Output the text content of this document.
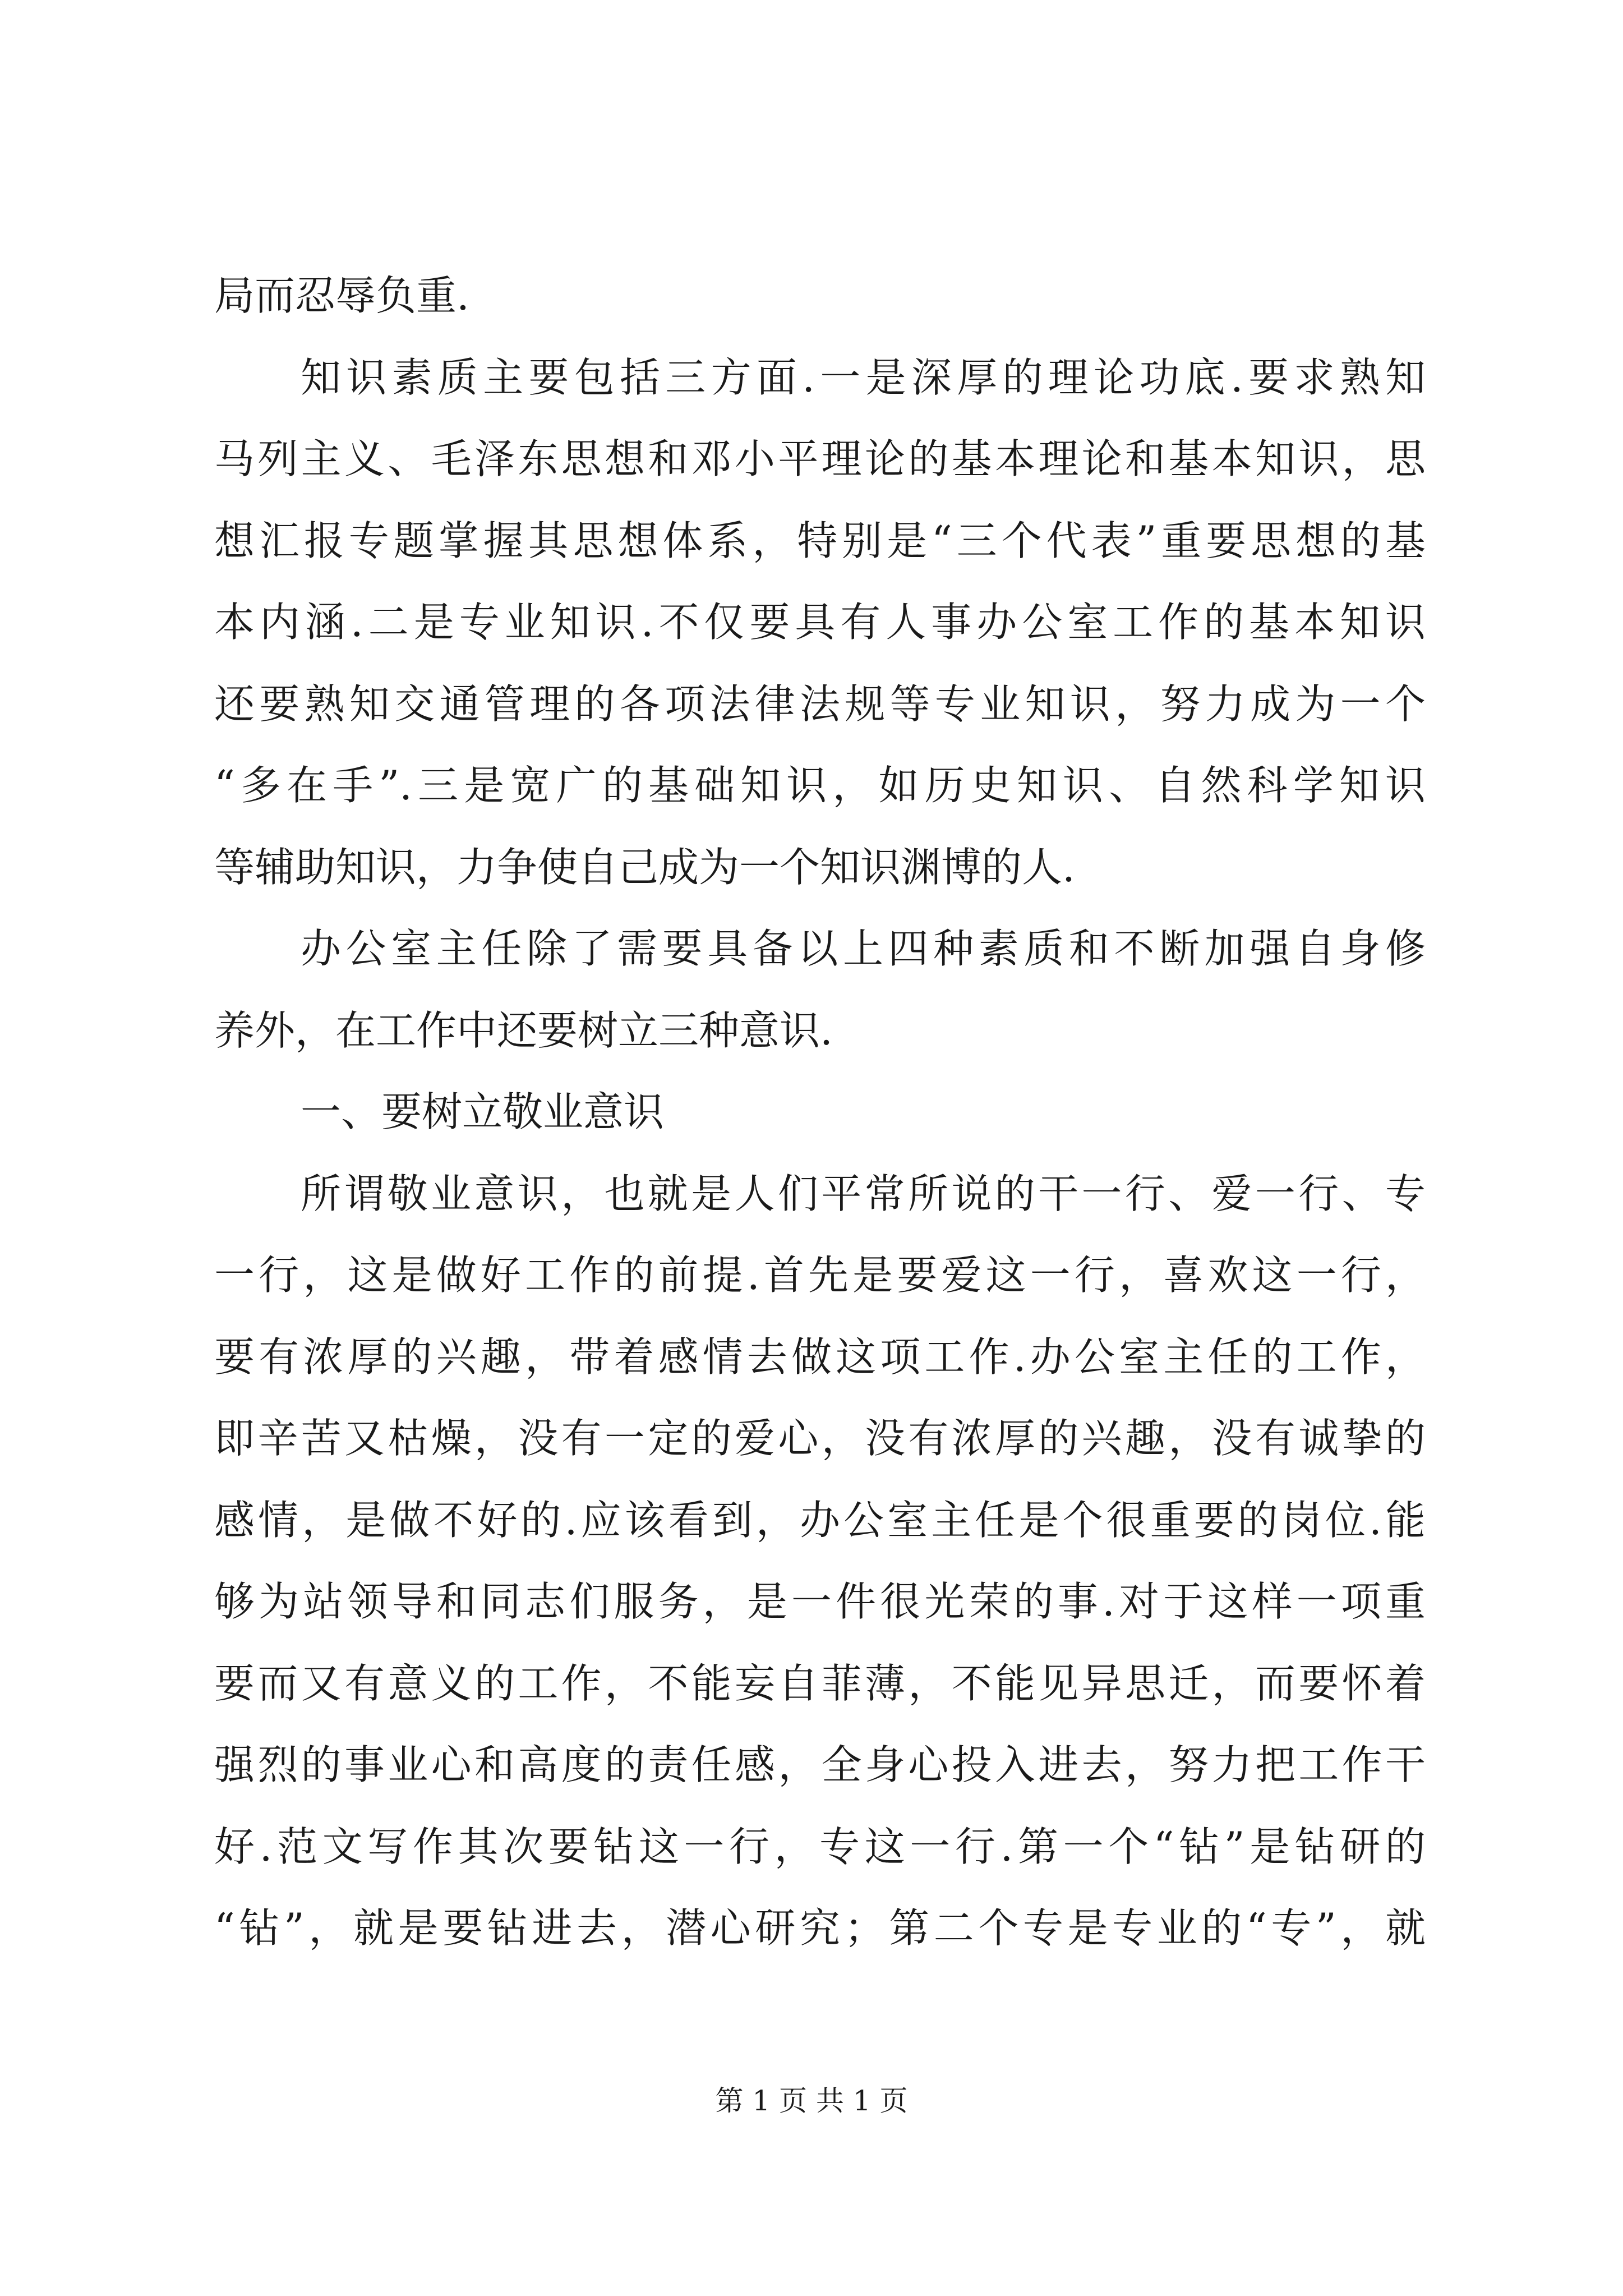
局而忍辱负重.
知识素质主要包括三方面.一是深厚的理论功底.要求熟知
马列主义、毛泽东思想和邓小平理论的基本理论和基本知识，思
想汇报专题掌握其思想体系，特别是“三个代表”重要思想的基
本内涵.二是专业知识.不仅要具有人事办公室工作的基本知识
还要熟知交通管理的各项法律法规等专业知识，努力成为一个
“多在手”.三是宽广的基础知识，如历史知识、自然科学知识
等辅助知识，力争使自己成为一个知识渊博的人.
办公室主任除了需要具备以上四种素质和不断加强自身修
养外，在工作中还要树立三种意识.
一、要树立敬业意识
所谓敬业意识，也就是人们平常所说的干一行、爱一行、专
一行，这是做好工作的前提.首先是要爱这一行，喜欢这一行，
要有浓厚的兴趣，带着感情去做这项工作.办公室主任的工作，
即辛苦又枯燥，没有一定的爱心，没有浓厚的兴趣，没有诚挚的
感情，是做不好的.应该看到，办公室主任是个很重要的岗位.能
够为站领导和同志们服务，是一件很光荣的事.对于这样一项重
要而又有意义的工作，不能妄自菲薄，不能见异思迁，而要怀着
强烈的事业心和高度的责任感，全身心投入进去，努力把工作干
好.范文写作其次要钻这一行，专这一行.第一个“钻”是钻研的
“钻”，就是要钻进去，潜心研究；第二个专是专业的“专”，就
第 1 页 共 1 页
